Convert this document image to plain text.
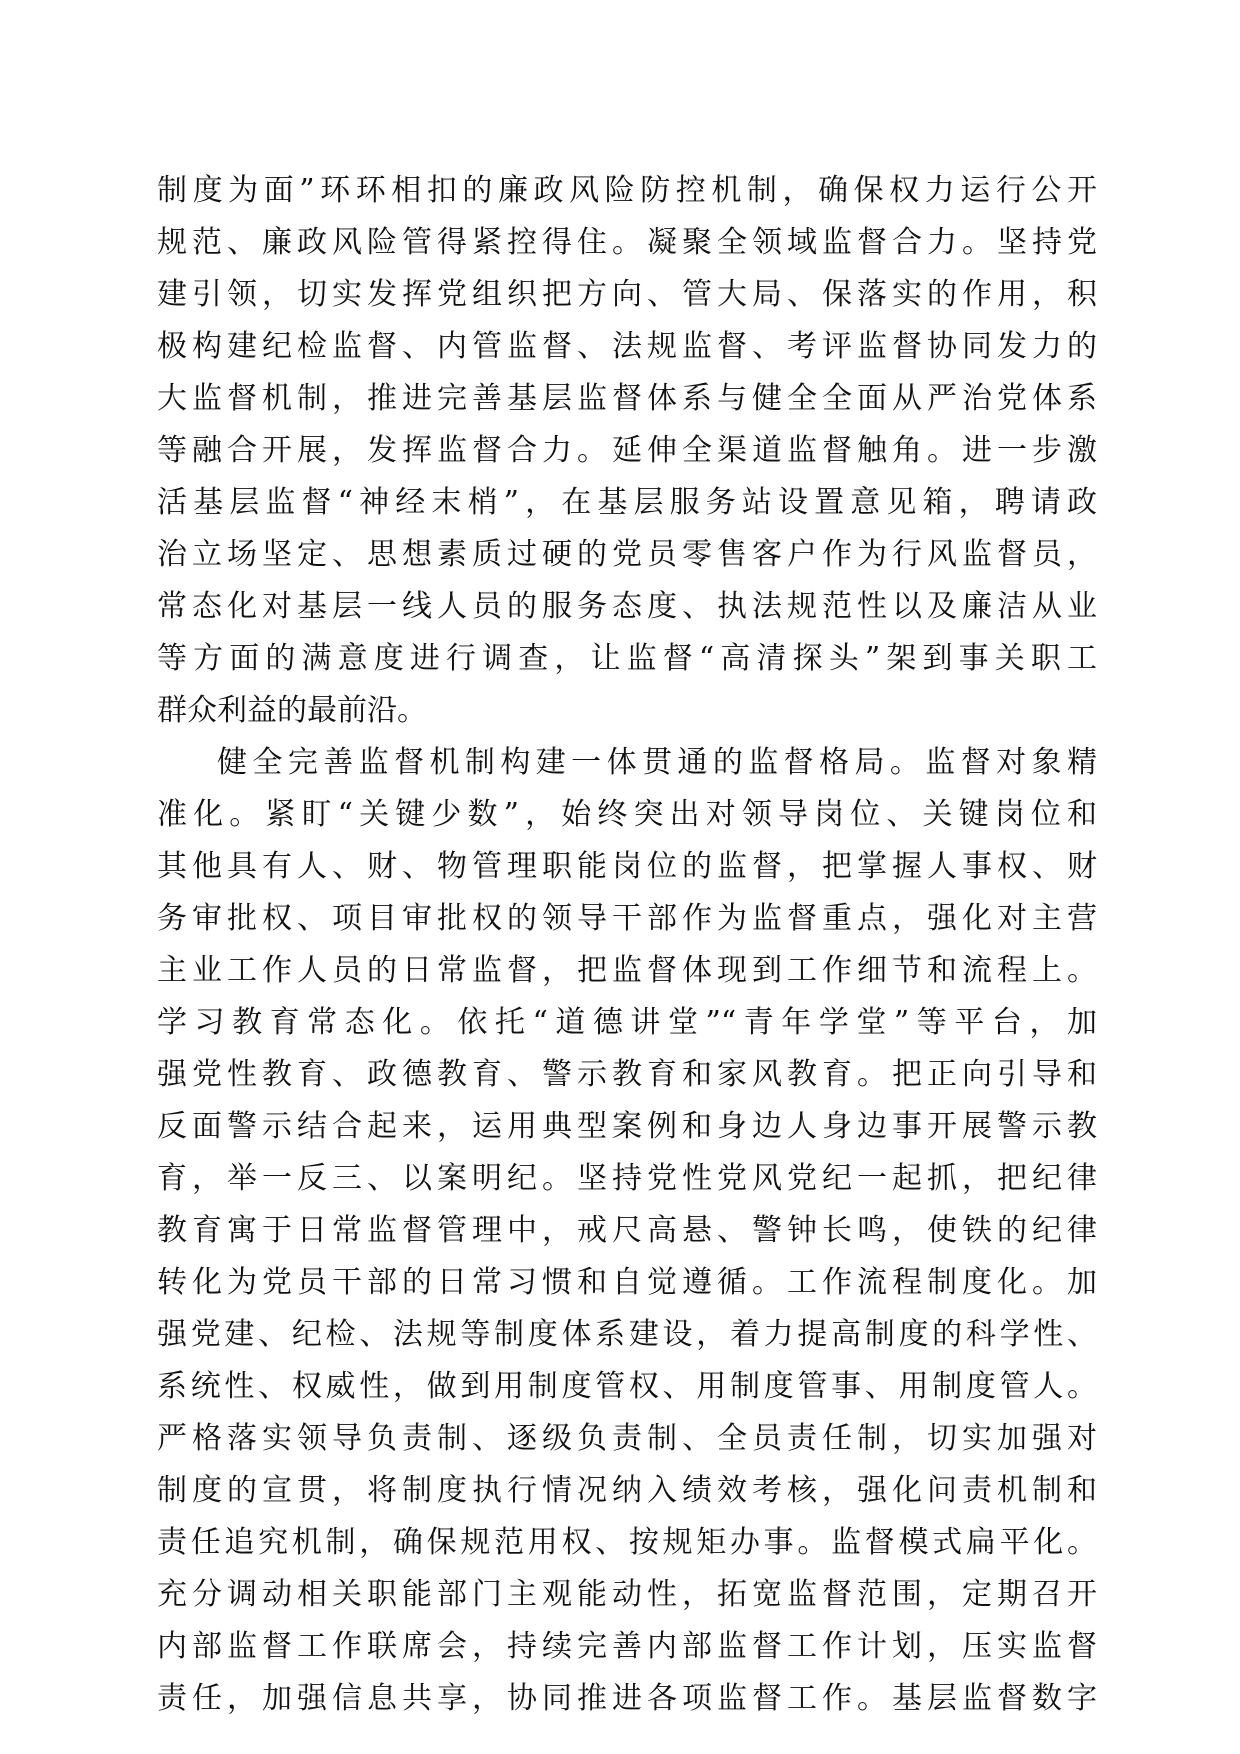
制度为面”环环相扣的廉政风险防控机制，确保权力运行公开
规范、廉政风险管得紧控得住。凝聚全领域监督合力。坚持党
建引领，切实发挥党组织把方向、管大局、保落实的作用，积
极构建纪检监督、内管监督、法规监督、考评监督协同发力的
大监督机制，推进完善基层监督体系与健全全面从严治党体系
等融合开展，发挥监督合力。延伸全渠道监督触角。进一步激
活基层监督“神经末梢”，在基层服务站设置意见箱，聘请政
治立场坚定、思想素质过硬的党员零售客户作为行风监督员，
常态化对基层一线人员的服务态度、执法规范性以及廉洁从业
等方面的满意度进行调查，让监督“高清探头”架到事关职工
群众利益的最前沿。
健全完善监督机制构建一体贯通的监督格局。监督对象精
准化。紧盯“关键少数”，始终突出对领导岗位、关键岗位和
其他具有人、财、物管理职能岗位的监督，把掌握人事权、财
务审批权、项目审批权的领导干部作为监督重点，强化对主营
主业工作人员的日常监督，把监督体现到工作细节和流程上。
学习教育常态化。依托“道德讲堂”“青年学堂”等平台，加
强党性教育、政德教育、警示教育和家风教育。把正向引导和
反面警示结合起来，运用典型案例和身边人身边事开展警示教
育，举一反三、以案明纪。坚持党性党风党纪一起抓，把纪律
教育寓于日常监督管理中，戒尺高悬、警钟长鸣，使铁的纪律
转化为党员干部的日常习惯和自觉遵循。工作流程制度化。加
强党建、纪检、法规等制度体系建设，着力提高制度的科学性、
系统性、权威性，做到用制度管权、用制度管事、用制度管人。
严格落实领导负责制、逐级负责制、全员责任制，切实加强对
制度的宣贯，将制度执行情况纳入绩效考核，强化问责机制和
责任追究机制，确保规范用权、按规矩办事。监督模式扁平化。
充分调动相关职能部门主观能动性，拓宽监督范围，定期召开
内部监督工作联席会，持续完善内部监督工作计划，压实监督
责任，加强信息共享，协同推进各项监督工作。基层监督数字
